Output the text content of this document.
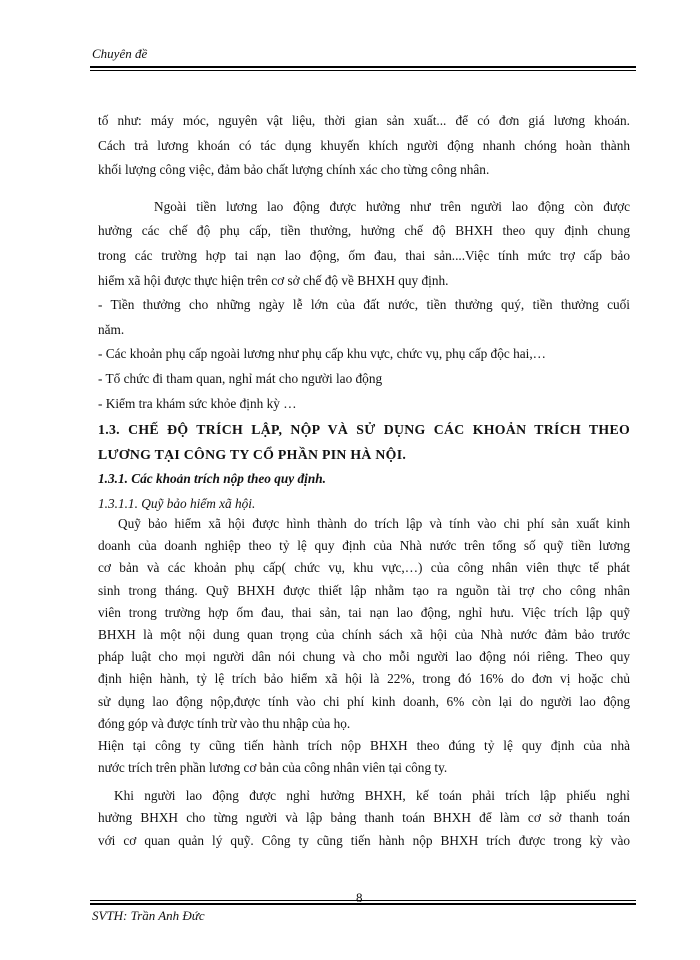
Chuyên đề
tố như: máy móc, nguyên vật liệu, thời gian sản xuất... để có đơn giá lương khoán.
Cách trả lương khoán có tác dụng khuyến khích người động nhanh chóng hoàn thành
khối lượng công việc, đảm bảo chất lượng chính xác cho từng công nhân.
Ngoài tiền lương lao động được hưởng như trên người lao động còn được
hưởng các chế độ phụ cấp, tiền thưởng, hưởng chế độ BHXH theo quy định chung
trong các trường hợp tai nạn lao động, ốm đau, thai sản....Việc tính mức trợ cấp bảo
hiểm xã hội được thực hiện trên cơ sở chế độ về BHXH quy định.
- Tiền thưởng cho những ngày lễ lớn của đất nước, tiền thưởng quý, tiền thưởng cuối
năm.
- Các khoản phụ cấp ngoài lương như phụ cấp khu vực, chức vụ, phụ cấp độc hai,…
- Tổ chức đi tham quan, nghỉ mát cho người lao động
- Kiểm tra khám sức khỏe định kỳ …
1.3. CHẾ ĐỘ TRÍCH LẬP, NỘP VÀ SỬ DỤNG CÁC KHOẢN TRÍCH THEO
LƯƠNG TẠI CÔNG TY CỔ PHẦN PIN HÀ NỘI.
1.3.1. Các khoản trích nộp theo quy định.
1.3.1.1. Quỹ bảo hiểm xã hội.
Quỹ bảo hiểm xã hội được hình thành do trích lập và tính vào chi phí sản xuất kinh
doanh của doanh nghiệp theo tỷ lệ quy định của Nhà nước trên tổng số quỹ tiền lương
cơ bản và các khoản phụ cấp( chức vụ, khu vực,…) của công nhân viên thực tế phát
sinh trong tháng. Quỹ BHXH được thiết lập nhằm tạo ra nguồn tài trợ cho công nhân
viên trong trường hợp ốm đau, thai sản, tai nạn lao động, nghỉ hưu. Việc trích lập quỹ
BHXH là một nội dung quan trọng của chính sách xã hội của Nhà nước đảm bảo trước
pháp luật cho mọi người dân nói chung và cho mỗi người lao động nói riêng. Theo quy
định hiện hành, tỷ lệ trích bảo hiểm xã hội là 22%, trong đó 16% do đơn vị hoặc chủ
sử dụng lao động nộp,được tính vào chi phí kinh doanh, 6% còn lại do người lao động
đóng góp và được tính trừ vào thu nhập của họ.
Hiện tại công ty cũng tiến hành trích nộp BHXH theo đúng tỷ lệ quy định của nhà
nước trích trên phần lương cơ bản của công nhân viên tại công ty.
Khi người lao động được nghỉ hưởng BHXH, kế toán phải trích lập phiếu nghỉ
hưởng BHXH cho từng người và lập bảng thanh toán BHXH để làm cơ sở thanh toán
với cơ quan quản lý quỹ. Công ty cũng tiến hành nộp BHXH trích được trong kỳ vào
8
SVTH: Trần Anh Đức
